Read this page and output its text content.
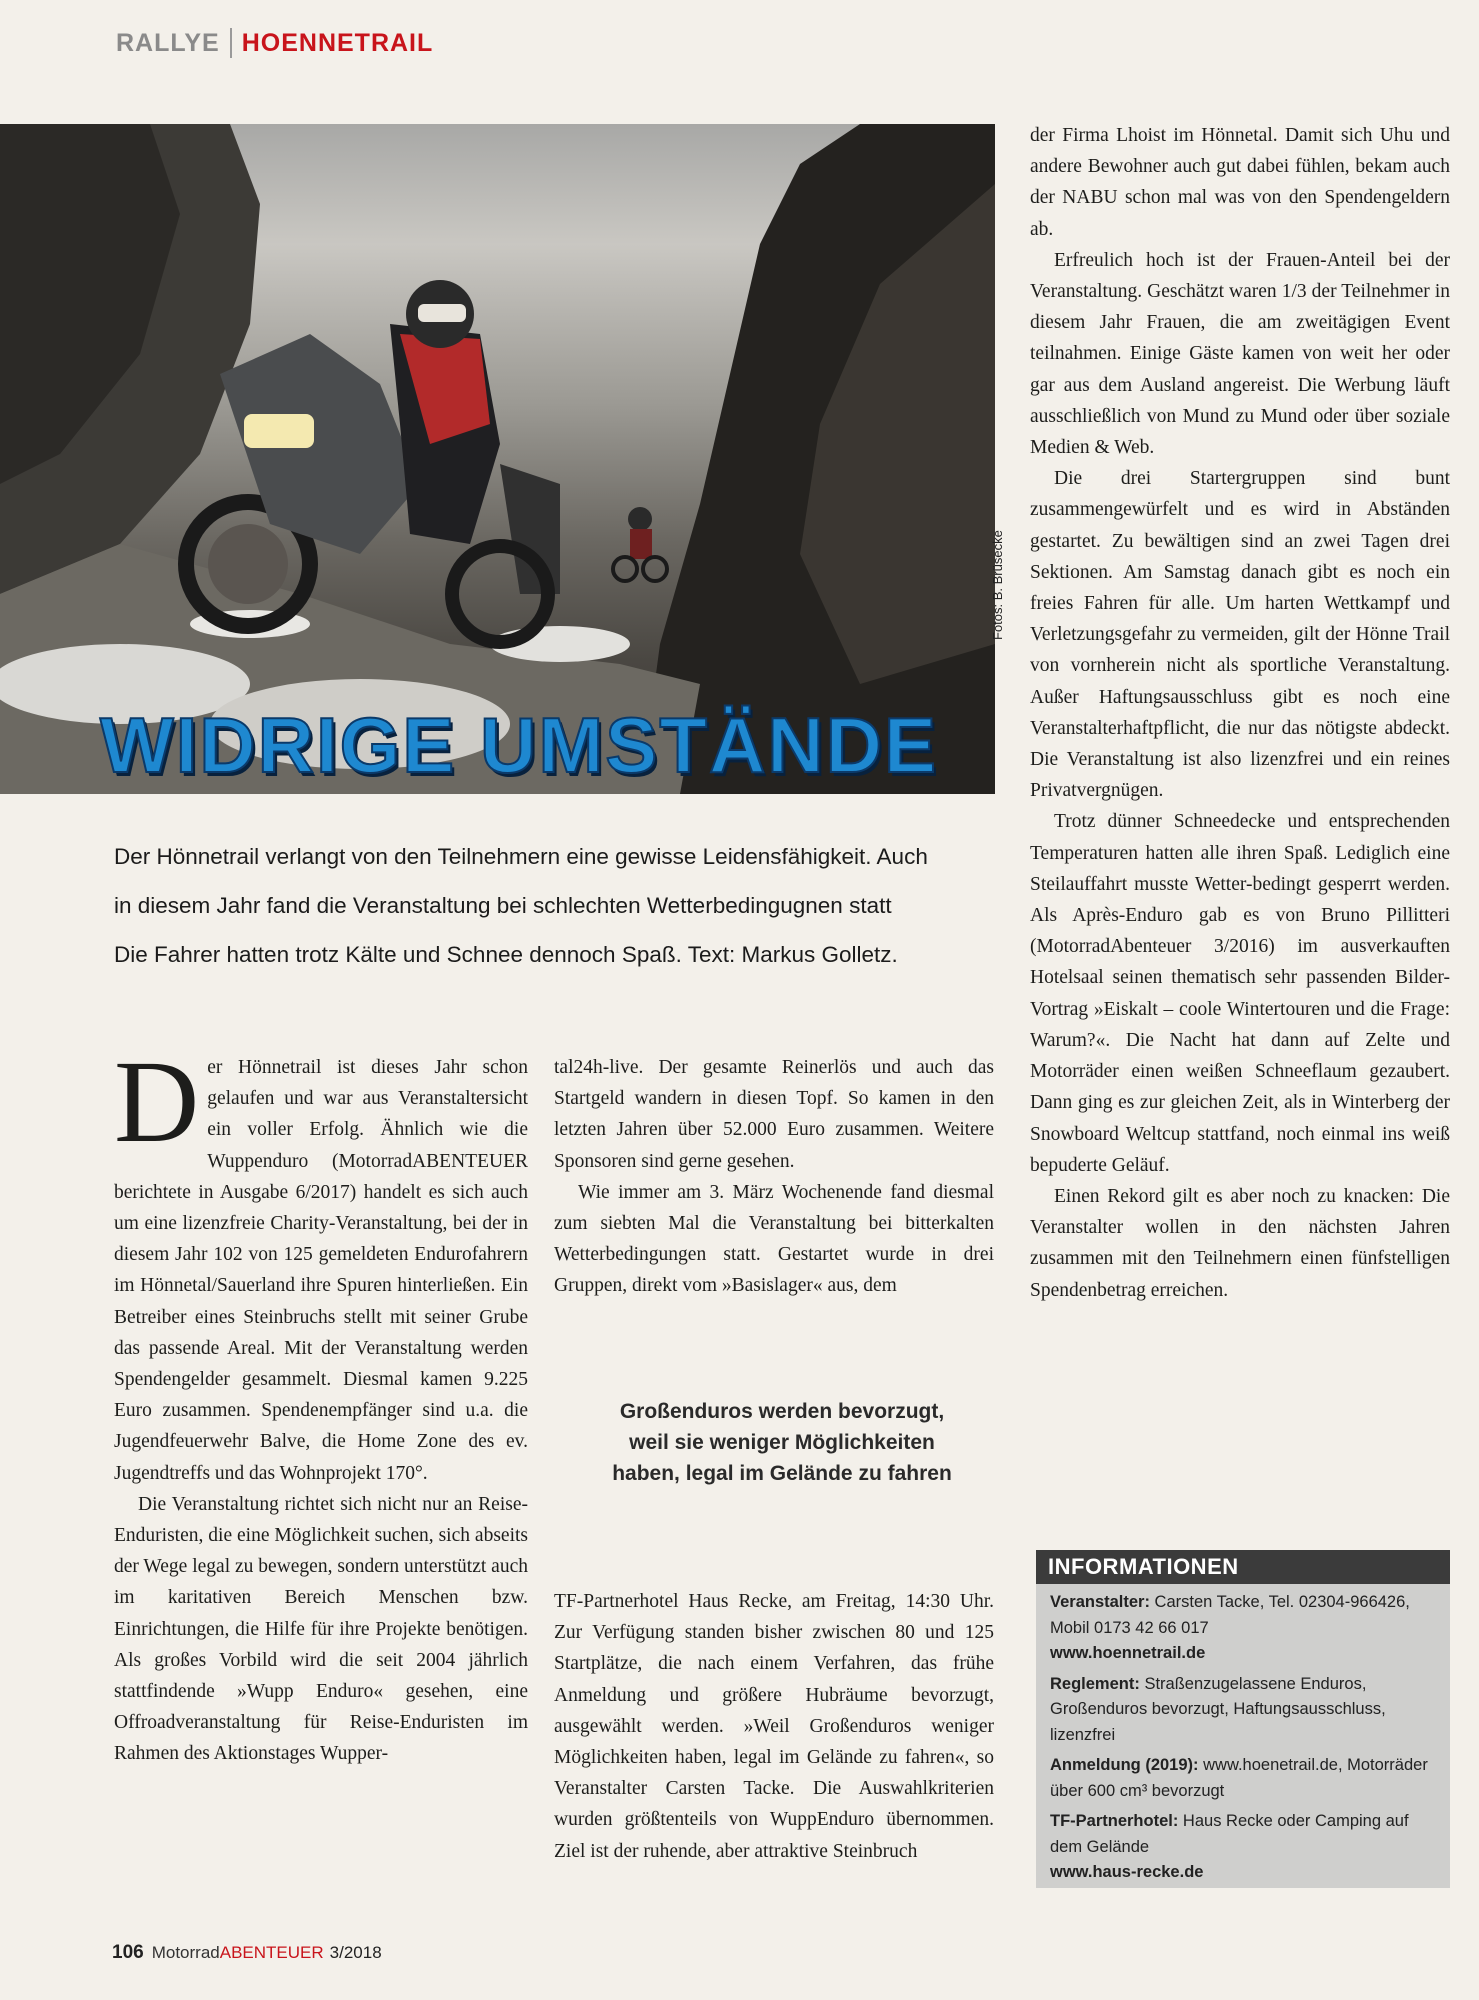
RALLYE HOENNETRAIL
Fotos: B. Brüsecke
WIDRIGE UMSTÄNDE

Der Hönnetrail verlangt von den Teilnehmern eine gewisse Leidensfähigkeit. Auch

in diesem Jahr fand die Veranstaltung bei schlechten Wetterbedingugnen statt

Die Fahrer hatten trotz Kälte und Schnee dennoch Spaß. Text: Markus Golletz.

Der Hönnetrail ist dieses Jahr schon gelaufen und war aus Veranstaltersicht ein voller Erfolg. Ähnlich wie die Wuppenduro (MotorradABENTEUER berichtete in Ausgabe 6/2017) handelt es sich auch um eine lizenzfreie Charity-Veranstaltung, bei der in diesem Jahr 102 von 125 gemeldeten Endurofahrern im Hönnetal/Sauerland ihre Spuren hinterließen. Ein Betreiber eines Steinbruchs stellt mit seiner Grube das passende Areal. Mit der Veranstaltung werden Spendengelder gesammelt. Diesmal kamen 9.225 Euro zusammen. Spendenempfänger sind u.a. die Jugendfeuerwehr Balve, die Home Zone des ev. Jugendtreffs und das Wohnprojekt 170°.

Die Veranstaltung richtet sich nicht nur an Reise-Enduristen, die eine Möglichkeit suchen, sich abseits der Wege legal zu bewegen, sondern unterstützt auch im karitativen Bereich Menschen bzw. Einrichtungen, die Hilfe für ihre Projekte benötigen. Als großes Vorbild wird die seit 2004 jährlich stattfindende »Wupp Enduro« gesehen, eine Offroadveranstaltung für Reise-Enduristen im Rahmen des Aktionstages Wupper-

tal24h-live. Der gesamte Reinerlös und auch das Startgeld wandern in diesen Topf. So kamen in den letzten Jahren über 52.000 Euro zusammen. Weitere Sponsoren sind gerne gesehen.

Wie immer am 3. März Wochenende fand diesmal zum siebten Mal die Veranstaltung bei bitterkalten Wetterbedingungen statt. Gestartet wurde in drei Gruppen, direkt vom »Basislager« aus, dem

Großenduros werden bevorzugt, weil sie weniger Möglichkeiten haben, legal im Gelände zu fahren

TF-Partnerhotel Haus Recke, am Freitag, 14:30 Uhr. Zur Verfügung standen bisher zwischen 80 und 125 Startplätze, die nach einem Verfahren, das frühe Anmeldung und größere Hubräume bevorzugt, ausgewählt werden. »Weil Großenduros weniger Möglichkeiten haben, legal im Gelände zu fahren«, so Veranstalter Carsten Tacke. Die Auswahlkriterien wurden größtenteils von WuppEnduro übernommen. Ziel ist der ruhende, aber attraktive Steinbruch

der Firma Lhoist im Hönnetal. Damit sich Uhu und andere Bewohner auch gut dabei fühlen, bekam auch der NABU schon mal was von den Spendengeldern ab.

Erfreulich hoch ist der Frauen-Anteil bei der Veranstaltung. Geschätzt waren 1/3 der Teilnehmer in diesem Jahr Frauen, die am zweitägigen Event teilnahmen. Einige Gäste kamen von weit her oder gar aus dem Ausland angereist. Die Werbung läuft ausschließlich von Mund zu Mund oder über soziale Medien & Web.

Die drei Startergruppen sind bunt zusammengewürfelt und es wird in Abständen gestartet. Zu bewältigen sind an zwei Tagen drei Sektionen. Am Samstag danach gibt es noch ein freies Fahren für alle. Um harten Wettkampf und Verletzungsgefahr zu vermeiden, gilt der Hönne Trail von vornherein nicht als sportliche Veranstaltung. Außer Haftungsausschluss gibt es noch eine Veranstalterhaftpflicht, die nur das nötigste abdeckt. Die Veranstaltung ist also lizenzfrei und ein reines Privatvergnügen.

Trotz dünner Schneedecke und entsprechenden Temperaturen hatten alle ihren Spaß. Lediglich eine Steilauffahrt musste Wetter-bedingt gesperrt werden. Als Après-Enduro gab es von Bruno Pillitteri (MotorradAbenteuer 3/2016) im ausverkauften Hotelsaal seinen thematisch sehr passenden Bilder-Vortrag »Eiskalt – coole Wintertouren und die Frage: Warum?«. Die Nacht hat dann auf Zelte und Motorräder einen weißen Schneeflaum gezaubert. Dann ging es zur gleichen Zeit, als in Winterberg der Snowboard Weltcup stattfand, noch einmal ins weiß bepuderte Geläuf.

Einen Rekord gilt es aber noch zu knacken: Die Veranstalter wollen in den nächsten Jahren zusammen mit den Teilnehmern einen fünfstelligen Spendenbetrag erreichen.

INFORMATIONEN

Veranstalter: Carsten Tacke, Tel. 02304-966426, Mobil 0173 42 66 017
www.hoennetrail.de

Reglement: Straßenzugelassene Enduros, Großenduros bevorzugt, Haftungsausschluss, lizenzfrei

Anmeldung (2019): www.hoenetrail.de, Motorräder über 600 cm³ bevorzugt

TF-Partnerhotel: Haus Recke oder Camping auf dem Gelände
www.haus-recke.de

106 Motorrad ABENTEUER 3/2018
